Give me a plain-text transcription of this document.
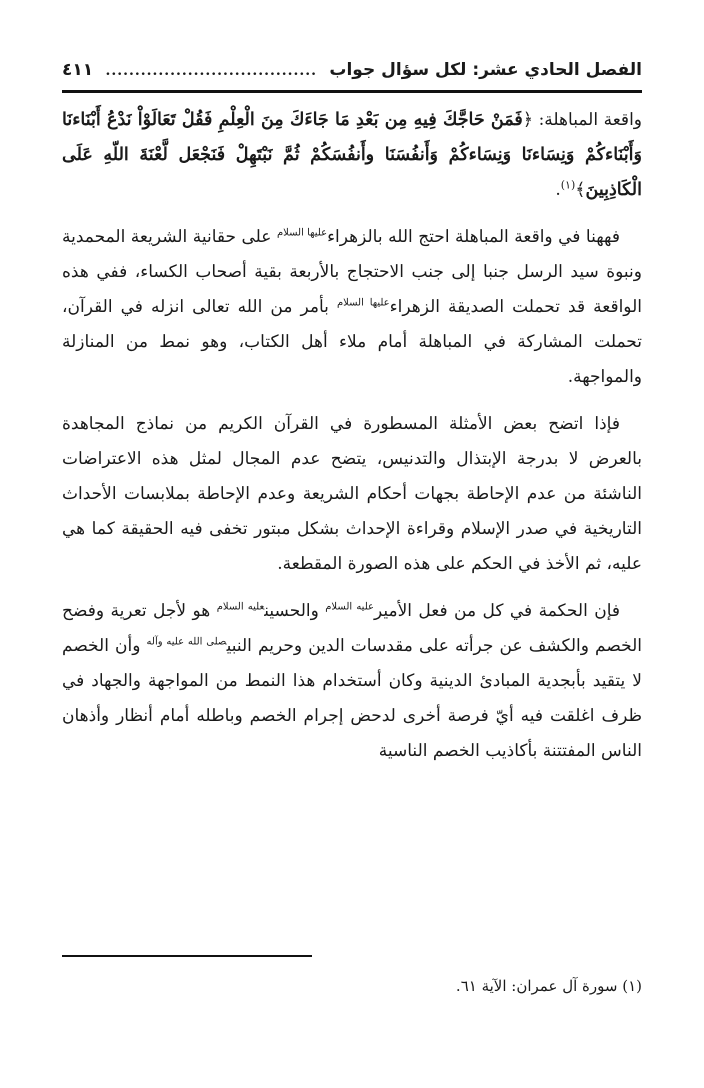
الفصل الحادي عشر: لكل سؤال جواب
....................................
٤١١

واقعة المباهلة: ﴿فَمَنْ حَاجَّكَ فِيهِ مِن بَعْدِ مَا جَاءَكَ مِنَ الْعِلْمِ فَقُلْ تَعَالَوْاْ نَدْعُ أَبْنَاءنَا وَأَبْنَاءكُمْ وَنِسَاءنَا وَنِسَاءكُمْ وَأَنفُسَنَا وأَنفُسَكُمْ ثُمَّ نَبْتَهِلْ فَنَجْعَل لَّعْنَةَ اللّهِ عَلَى الْكَاذِبِينَ﴾$^{(١)}$.

فههنا في واقعة المباهلة احتج الله بالزهراء$^{عليها السلام}$ على حقانية الشريعة المحمدية ونبوة سيد الرسل جنبا إلى جنب الاحتجاج بالأربعة بقية أصحاب الكساء، ففي هذه الواقعة قد تحملت الصديقة الزهراء$^{عليها السلام}$ بأمر من الله تعالى انزله في القرآن، تحملت المشاركة في المباهلة أمام ملاء أهل الكتاب، وهو نمط من المنازلة والمواجهة.

فإذا اتضح بعض الأمثلة المسطورة في القرآن الكريم من نماذج المجاهدة بالعرض لا بدرجة الإبتذال والتدنيس، يتضح عدم المجال لمثل هذه الاعتراضات الناشئة من عدم الإحاطة بجهات أحكام الشريعة وعدم الإحاطة بملابسات الأحداث التاريخية في صدر الإسلام وقراءة الإحداث بشكل مبتور تخفى فيه الحقيقة كما هي عليه، ثم الأخذ في الحكم على هذه الصورة المقطعة.

فإن الحكمة في كل من فعل الأمير$^{عليه السلام}$ والحسين$^{عليه السلام}$ هو لأجل تعرية وفضح الخصم والكشف عن جرأته على مقدسات الدين وحريم النبي$^{صلى الله عليه وآله}$ وأن الخصم لا يتقيد بأبجدية المبادئ الدينية وكان أستخدام هذا النمط من المواجهة والجهاد في ظرف اغلقت فيه أيّ فرصة أخرى لدحض إجرام الخصم وباطله أمام أنظار وأذهان الناس المفتتنة بأكاذيب الخصم الناسية

(١) سورة آل عمران: الآية ٦١.
